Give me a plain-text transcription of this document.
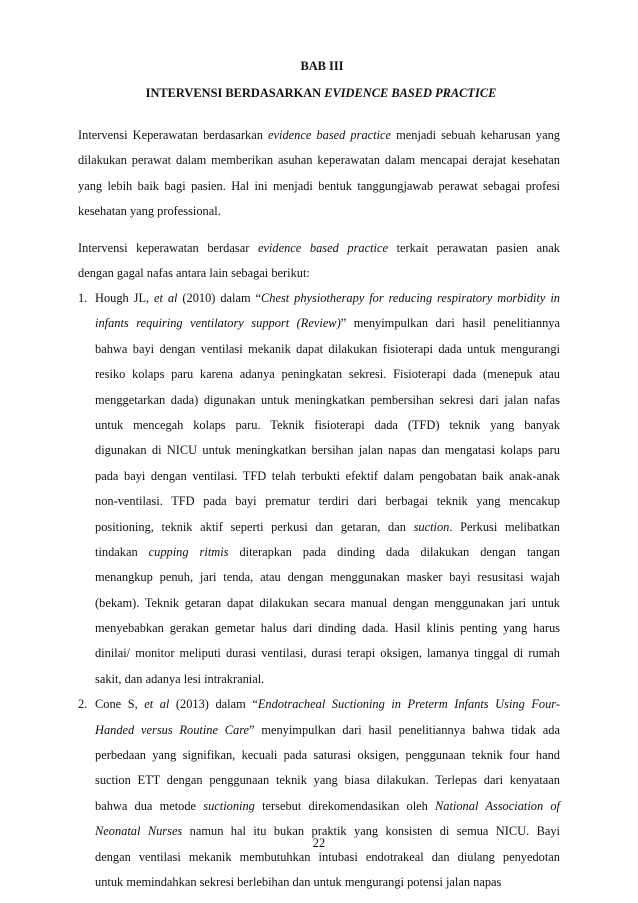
BAB III
INTERVENSI BERDASARKAN EVIDENCE BASED PRACTICE
Intervensi Keperawatan berdasarkan evidence based practice menjadi sebuah keharusan yang
dilakukan perawat dalam memberikan asuhan keperawatan dalam mencapai derajat kesehatan
yang lebih baik bagi pasien. Hal ini menjadi bentuk tanggungjawab perawat sebagai profesi
kesehatan yang professional.
Intervensi keperawatan berdasar evidence based practice terkait perawatan pasien anak
dengan gagal nafas antara lain sebagai berikut:
1. Hough JL, et al (2010) dalam “Chest physiotherapy for reducing respiratory morbidity in
infants requiring ventilatory support (Review)” menyimpulkan dari hasil penelitiannya
bahwa bayi dengan ventilasi mekanik dapat dilakukan fisioterapi dada untuk mengurangi
resiko kolaps paru karena adanya peningkatan sekresi. Fisioterapi dada (menepuk atau
menggetarkan dada) digunakan untuk meningkatkan pembersihan sekresi dari jalan nafas
untuk mencegah kolaps paru. Teknik fisioterapi dada (TFD) teknik yang banyak
digunakan di NICU untuk meningkatkan bersihan jalan napas dan mengatasi kolaps paru
pada bayi dengan ventilasi. TFD telah terbukti efektif dalam pengobatan baik anak-anak
non-ventilasi. TFD pada bayi prematur terdiri dari berbagai teknik yang mencakup
positioning, teknik aktif seperti perkusi dan getaran, dan suction. Perkusi melibatkan
tindakan cupping ritmis diterapkan pada dinding dada dilakukan dengan tangan
menangkup penuh, jari tenda, atau dengan menggunakan masker bayi resusitasi wajah
(bekam). Teknik getaran dapat dilakukan secara manual dengan menggunakan jari untuk
menyebabkan gerakan gemetar halus dari dinding dada. Hasil klinis penting yang harus
dinilai/ monitor meliputi durasi ventilasi, durasi terapi oksigen, lamanya tinggal di rumah
sakit, dan adanya lesi intrakranial.
2. Cone S, et al (2013) dalam “Endotracheal Suctioning in Preterm Infants Using Four-
Handed versus Routine Care” menyimpulkan dari hasil penelitiannya bahwa tidak ada
perbedaan yang signifikan, kecuali pada saturasi oksigen, penggunaan teknik four hand
suction ETT dengan penggunaan teknik yang biasa dilakukan. Terlepas dari kenyataan
bahwa dua metode suctioning tersebut direkomendasikan oleh National Association of
Neonatal Nurses namun hal itu bukan praktik yang konsisten di semua NICU. Bayi
dengan ventilasi mekanik membutuhkan intubasi endotrakeal dan diulang penyedotan
untuk memindahkan sekresi berlebihan dan untuk mengurangi potensi jalan napas
22
